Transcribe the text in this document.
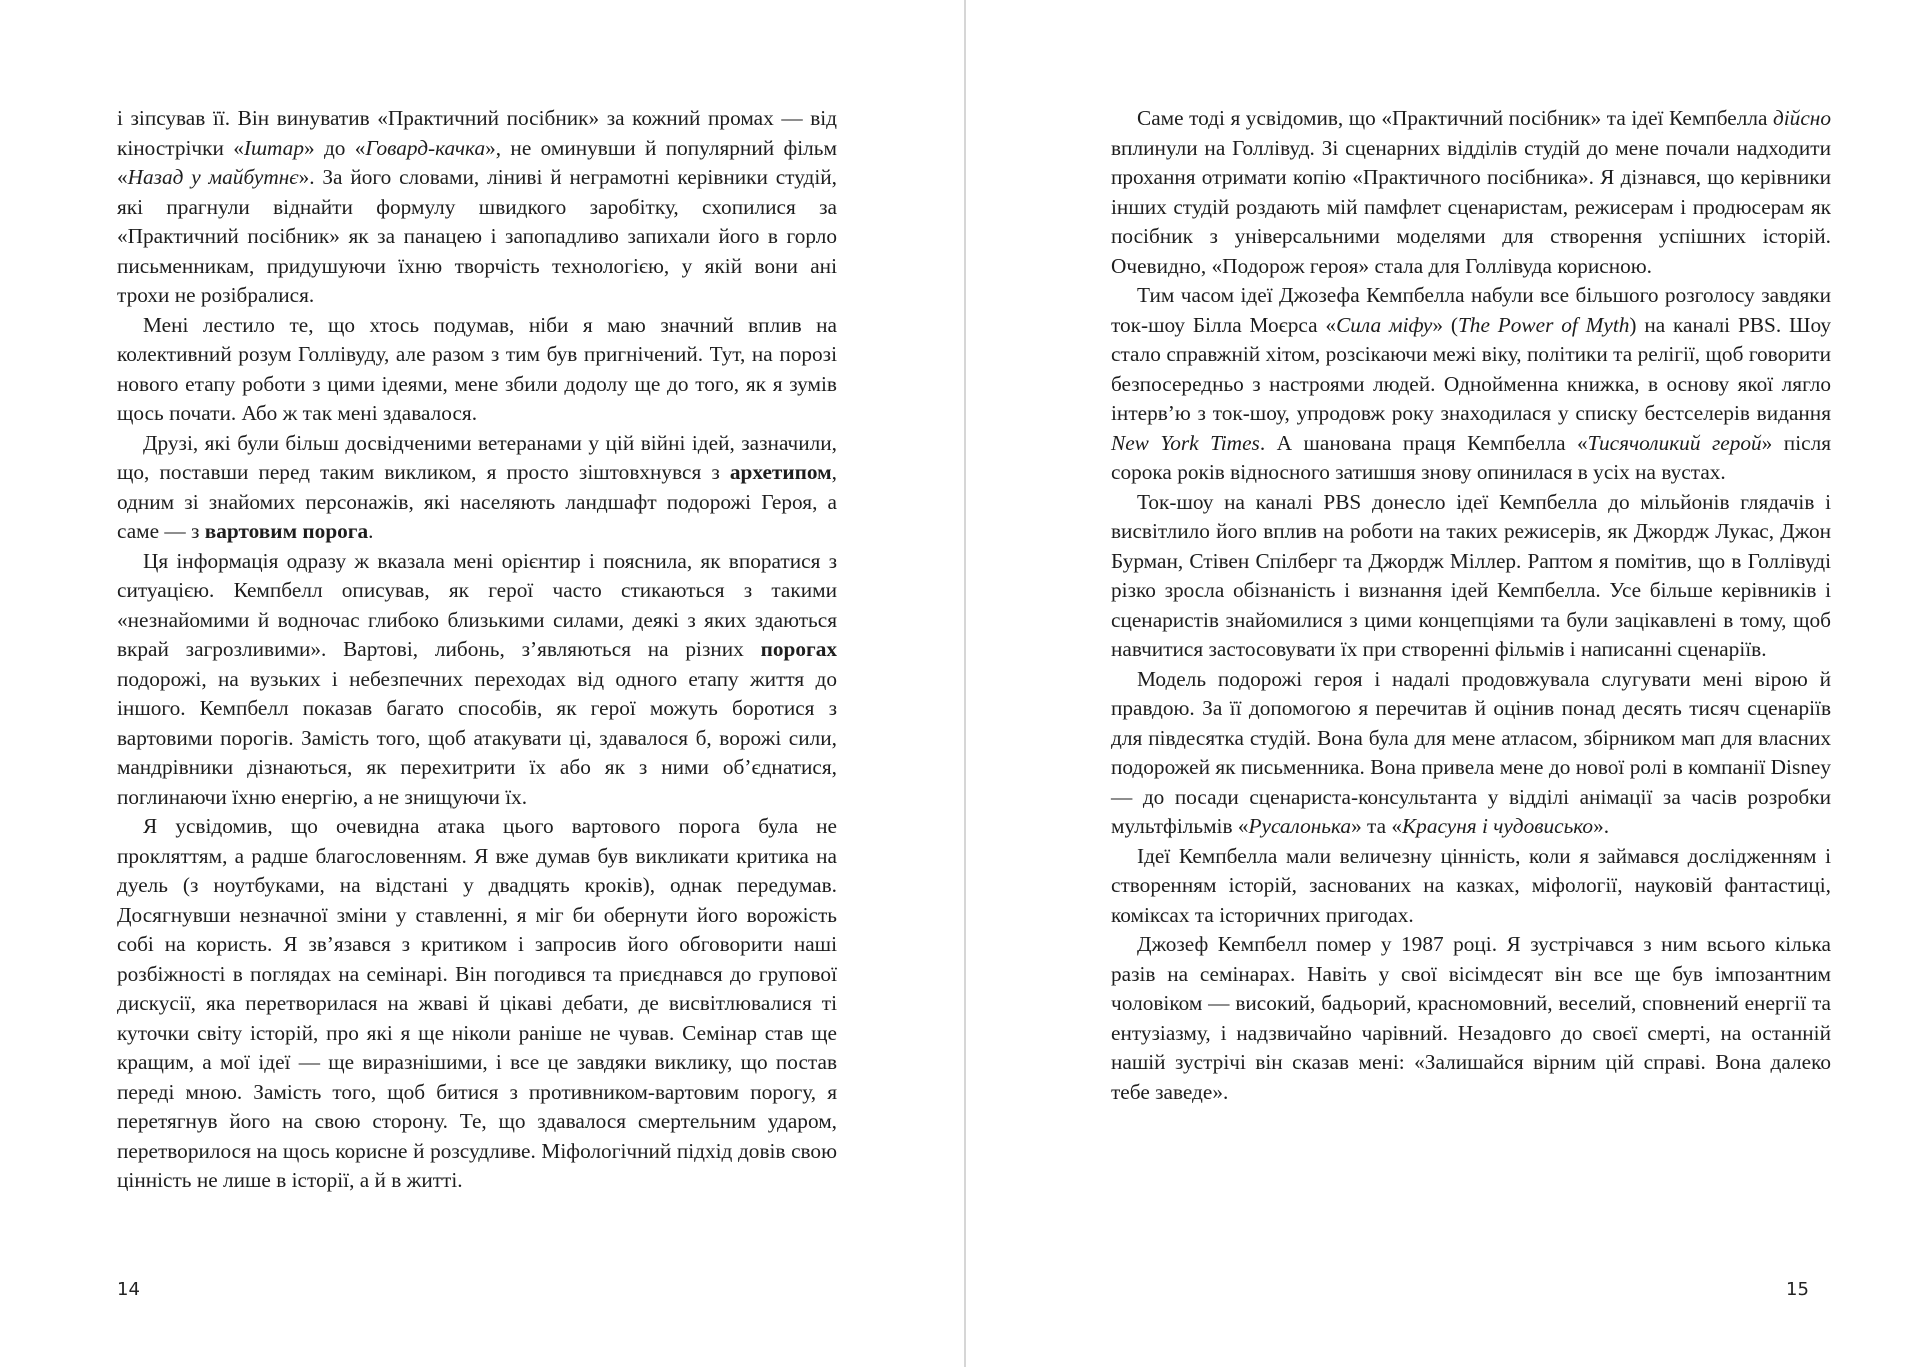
і зіпсував її. Він винуватив «Практичний посібник» за кожний промах — від кінострічки «Іштар» до «Говард-качка», не оминувши й популярний фільм «Назад у майбутнє». За його словами, ліниві й неграмотні керівники студій, які прагнули віднайти формулу швидкого заробітку, схопилися за «Практичний посібник» як за панацею і запопадливо запихали його в горло письменникам, придушуючи їхню творчість технологією, у якій вони ані трохи не розібралися.

Мені лестило те, що хтось подумав, ніби я маю значний вплив на колективний розум Голлівуду, але разом з тим був пригнічений. Тут, на порозі нового етапу роботи з цими ідеями, мене збили додолу ще до того, як я зумів щось почати. Або ж так мені здавалося.

Друзі, які були більш досвідченими ветеранами у цій війні ідей, зазначили, що, поставши перед таким викликом, я просто зіштовхнувся з архетипом, одним зі знайомих персонажів, які населяють ландшафт подорожі Героя, а саме — з вартовим порога.

Ця інформація одразу ж вказала мені орієнтир і пояснила, як впоратися з ситуацією. Кемпбелл описував, як герої часто стикаються з такими «незнайомими й водночас глибоко близькими силами, деякі з яких здаються вкрай загрозливими». Вартові, либонь, з’являються на різних порогах подорожі, на вузьких і небезпечних переходах від одного етапу життя до іншого. Кемпбелл показав багато способів, як герої можуть боротися з вартовими порогів. Замість того, щоб атакувати ці, здавалося б, ворожі сили, мандрівники дізнаються, як перехитрити їх або як з ними об’єднатися, поглинаючи їхню енергію, а не знищуючи їх.

Я усвідомив, що очевидна атака цього вартового порога була не прокляттям, а радше благословенням. Я вже думав був викликати критика на дуель (з ноутбуками, на відстані у двадцять кроків), однак передумав. Досягнувши незначної зміни у ставленні, я міг би обернути його ворожість собі на користь. Я зв’язався з критиком і запросив його обговорити наші розбіжності в поглядах на семінарі. Він погодився та приєднався до групової дискусії, яка перетворилася на жваві й цікаві дебати, де висвітлювалися ті куточки світу історій, про які я ще ніколи раніше не чував. Семінар став ще кращим, а мої ідеї — ще виразнішими, і все це завдяки виклику, що постав переді мною. Замість того, щоб битися з противником-вартовим порогу, я перетягнув його на свою сторону. Те, що здавалося смертельним ударом, перетворилося на щось корисне й розсудливе. Міфологічний підхід довів свою цінність не лише в історії, а й в житті.

Саме тоді я усвідомив, що «Практичний посібник» та ідеї Кемпбелла дійсно вплинули на Голлівуд. Зі сценарних відділів студій до мене почали надходити прохання отримати копію «Практичного посібника». Я дізнався, що керівники інших студій роздають мій памфлет сценаристам, режисерам і продюсерам як посібник з універсальними моделями для створення успішних історій. Очевидно, «Подорож героя» стала для Голлівуда корисною.

Тим часом ідеї Джозефа Кемпбелла набули все більшого розголосу завдяки ток-шоу Білла Моєрса «Сила міфу» (The Power of Myth) на каналі PBS. Шоу стало справжній хітом, розсікаючи межі віку, політики та релігії, щоб говорити безпосередньо з настроями людей. Однойменна книжка, в основу якої лягло інтерв’ю з ток-шоу, упродовж року знаходилася у списку бестселерів видання New York Times. А шанована праця Кемпбелла «Тисячоликий герой» після сорока років відносного затишшя знову опинилася в усіх на вустах.

Ток-шоу на каналі PBS донесло ідеї Кемпбелла до мільйонів глядачів і висвітлило його вплив на роботи на таких режисерів, як Джордж Лукас, Джон Бурман, Стівен Спілберг та Джордж Міллер. Раптом я помітив, що в Голлівуді різко зросла обізнаність і визнання ідей Кемпбелла. Усе більше керівників і сценаристів знайомилися з цими концепціями та були зацікавлені в тому, щоб навчитися застосовувати їх при створенні фільмів і написанні сценаріїв.

Модель подорожі героя і надалі продовжувала слугувати мені вірою й правдою. За її допомогою я перечитав й оцінив понад десять тисяч сценаріїв для півдесятка студій. Вона була для мене атласом, збірником мап для власних подорожей як письменника. Вона привела мене до нової ролі в компанії Disney — до посади сценариста-консультанта у відділі анімації за часів розробки мультфільмів «Русалонька» та «Красуня і чудовисько».

Ідеї Кемпбелла мали величезну цінність, коли я займався дослідженням і створенням історій, заснованих на казках, міфології, науковій фантастиці, коміксах та історичних пригодах.

Джозеф Кемпбелл помер у 1987 році. Я зустрічався з ним всього кілька разів на семінарах. Навіть у свої вісімдесят він все ще був імпозантним чоловіком — високий, бадьорий, красномовний, веселий, сповнений енергії та ентузіазму, і надзвичайно чарівний. Незадовго до своєї смерті, на останній нашій зустрічі він сказав мені: «Залишайся вірним цій справі. Вона далеко тебе заведе».

14	15
